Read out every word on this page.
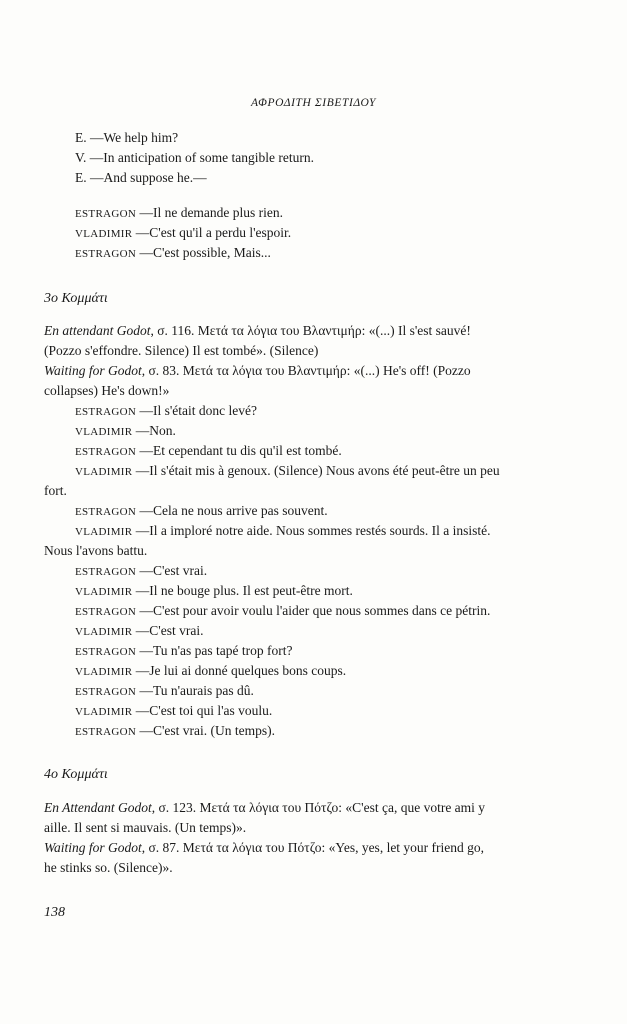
ΑΦΡΟΔΙΤΗ ΣΙΒΕΤΙΔΟΥ
E. —We help him?
V. —In anticipation of some tangible return.
E. —And suppose he.—
ESTRAGON —Il ne demande plus rien.
VLADIMIR —C'est qu'il a perdu l'espoir.
ESTRAGON —C'est possible, Mais...
3ο Κομμάτι
En attendant Godot, σ. 116. Μετά τα λόγια του Βλαντιμήρ: «(...) Il s'est sauvé!
(Pozzo s'effondre. Silence) Il est tombé». (Silence)
Waiting for Godot, σ. 83. Μετά τα λόγια του Βλαντιμήρ: «(...) He's off! (Pozzo
collapses) He's down!»
ESTRAGON —Il s'était donc levé?
VLADIMIR —Non.
ESTRAGON —Et cependant tu dis qu'il est tombé.
VLADIMIR —Il s'était mis à genoux. (Silence) Nous avons été peut-être un peu
fort.
ESTRAGON —Cela ne nous arrive pas souvent.
VLADIMIR —Il a imploré notre aide. Nous sommes restés sourds. Il a insisté.
Nous l'avons battu.
ESTRAGON —C'est vrai.
VLADIMIR —Il ne bouge plus. Il est peut-être mort.
ESTRAGON —C'est pour avoir voulu l'aider que nous sommes dans ce pétrin.
VLADIMIR —C'est vrai.
ESTRAGON —Tu n'as pas tapé trop fort?
VLADIMIR —Je lui ai donné quelques bons coups.
ESTRAGON —Tu n'aurais pas dû.
VLADIMIR —C'est toi qui l'as voulu.
ESTRAGON —C'est vrai. (Un temps).
4ο Κομμάτι
En Attendant Godot, σ. 123. Μετά τα λόγια του Πότζο: «C'est ça, que votre ami y
aille. Il sent si mauvais. (Un temps)».
Waiting for Godot, σ. 87. Μετά τα λόγια του Πότζο: «Yes, yes, let your friend go,
he stinks so. (Silence)».
138
